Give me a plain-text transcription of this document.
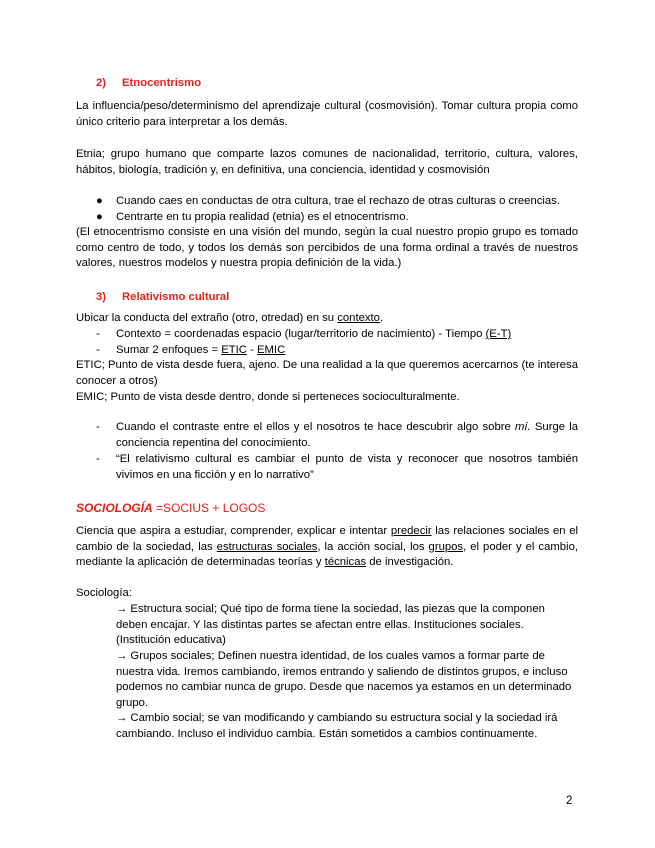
2) Etnocentrismo
La influencia/peso/determinismo del aprendizaje cultural (cosmovisión). Tomar cultura propia como único criterio para interpretar a los demás.
Etnia; grupo humano que comparte lazos comunes de nacionalidad, territorio, cultura, valores, hábitos, biología, tradición y, en definitiva, una conciencia, identidad y cosmovisión
● Cuando caes en conductas de otra cultura, trae el rechazo de otras culturas o creencias.
● Centrarte en tu propia realidad (etnia) es el etnocentrismo.
(El etnocentrismo consiste en una visión del mundo, según la cual nuestro propio grupo es tomado como centro de todo, y todos los demás son percibidos de una forma ordinal a través de nuestros valores, nuestros modelos y nuestra propia definición de la vida.)
3) Relativismo cultural
Ubicar la conducta del extraño (otro, otredad) en su contexto.
- Contexto = coordenadas espacio (lugar/territorio de nacimiento) - Tiempo (E-T)
- Sumar 2 enfoques = ETIC - EMIC
ETIC; Punto de vista desde fuera, ajeno. De una realidad a la que queremos acercarnos (te interesa conocer a otros)
EMIC; Punto de vista desde dentro, donde si perteneces socioculturalmente.
- Cuando el contraste entre el ellos y el nosotros te hace descubrir algo sobre mí. Surge la conciencia repentina del conocimiento.
- “El relativismo cultural es cambiar el punto de vista y reconocer que nosotros también vivimos en una ficción y en lo narrativo”
SOCIOLOGÍA =SOCIUS + LOGOS
Ciencia que aspira a estudiar, comprender, explicar e intentar predecir las relaciones sociales en el cambio de la sociedad, las estructuras sociales, la acción social, los grupos, el poder y el cambio, mediante la aplicación de determinadas teorías y técnicas de investigación.
Sociología:
→ Estructura social; Qué tipo de forma tiene la sociedad, las piezas que la componen deben encajar. Y las distintas partes se afectan entre ellas. Instituciones sociales. (Institución educativa)
→ Grupos sociales; Definen nuestra identidad, de los cuales vamos a formar parte de nuestra vida. Iremos cambiando, iremos entrando y saliendo de distintos grupos, e incluso podemos no cambiar nunca de grupo. Desde que nacemos ya estamos en un determinado grupo.
→ Cambio social; se van modificando y cambiando su estructura social y la sociedad irá cambiando. Incluso el individuo cambia. Están sometidos a cambios continuamente.
2
